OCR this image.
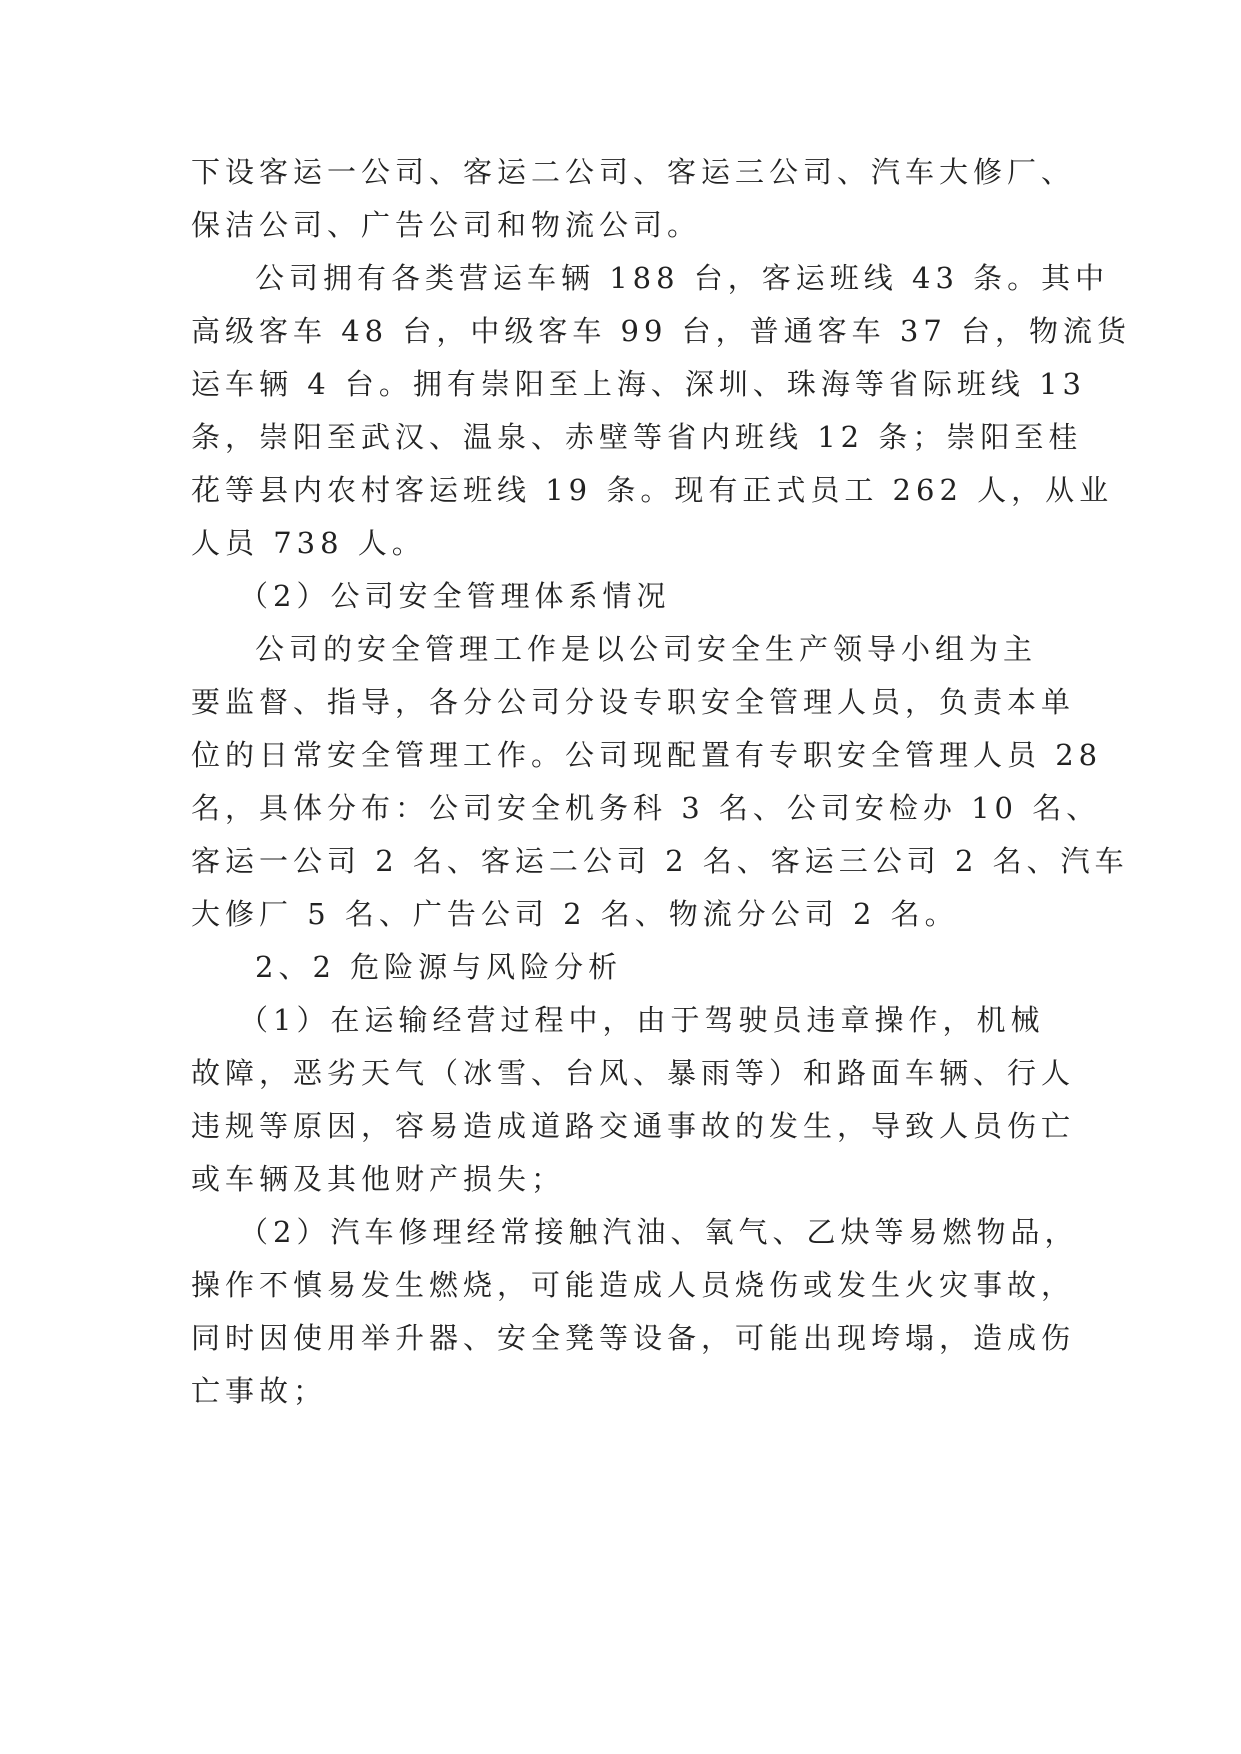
下设客运一公司、客运二公司、客运三公司、汽车大修厂、
保洁公司、广告公司和物流公司。
公司拥有各类营运车辆 188 台，客运班线 43 条。其中
高级客车 48 台，中级客车 99 台，普通客车 37 台，物流货
运车辆 4 台。拥有崇阳至上海、深圳、珠海等省际班线 13
条，崇阳至武汉、温泉、赤壁等省内班线 12 条；崇阳至桂
花等县内农村客运班线 19 条。现有正式员工 262 人，从业
人员 738 人。
（2）公司安全管理体系情况
公司的安全管理工作是以公司安全生产领导小组为主
要监督、指导，各分公司分设专职安全管理人员，负责本单
位的日常安全管理工作。公司现配置有专职安全管理人员 28
名，具体分布：公司安全机务科 3 名、公司安检办 10 名、
客运一公司 2 名、客运二公司 2 名、客运三公司 2 名、汽车
大修厂 5 名、广告公司 2 名、物流分公司 2 名。
2、2 危险源与风险分析
（1）在运输经营过程中，由于驾驶员违章操作，机械
故障，恶劣天气（冰雪、台风、暴雨等）和路面车辆、行人
违规等原因，容易造成道路交通事故的发生，导致人员伤亡
或车辆及其他财产损失；
（2）汽车修理经常接触汽油、氧气、乙炔等易燃物品，
操作不慎易发生燃烧，可能造成人员烧伤或发生火灾事故，
同时因使用举升器、安全凳等设备，可能出现垮塌，造成伤
亡事故；
